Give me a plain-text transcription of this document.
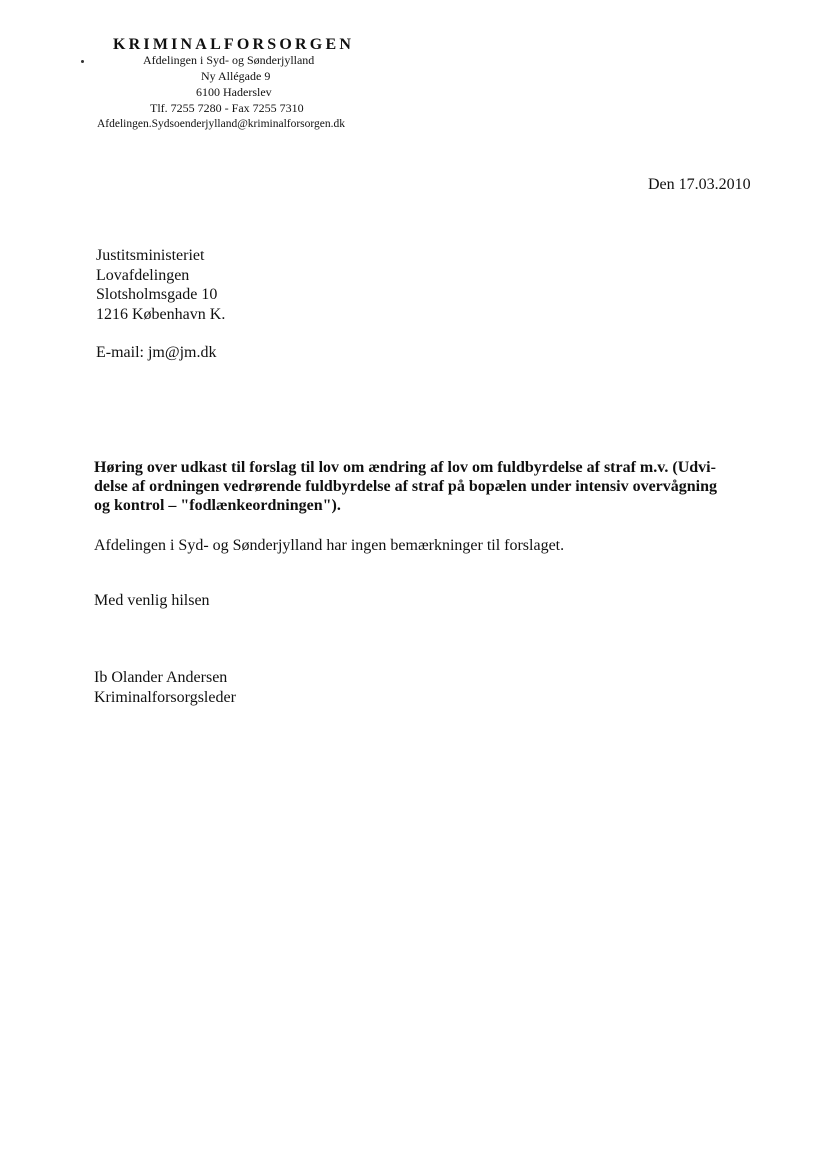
KRIMINALFORSORGEN
Afdelingen i Syd- og Sønderjylland
Ny Allégade 9
6100 Haderslev
Tlf. 7255 7280 - Fax 7255 7310
Afdelingen.Sydsoenderjylland@kriminalforsorgen.dk
Den 17.03.2010
Justitsministeriet
Lovafdelingen
Slotsholmsgade 10
1216 København K.
E-mail: jm@jm.dk
Høring over udkast til forslag til lov om ændring af lov om fuldbyrdelse af straf m.v. (Udvi-
delse af ordningen vedrørende fuldbyrdelse af straf på bopælen under intensiv overvågning
og kontrol – "fodlænkeordningen").
Afdelingen i Syd- og Sønderjylland har ingen bemærkninger til forslaget.
Med venlig hilsen
Ib Olander Andersen
Kriminalforsorgsleder
